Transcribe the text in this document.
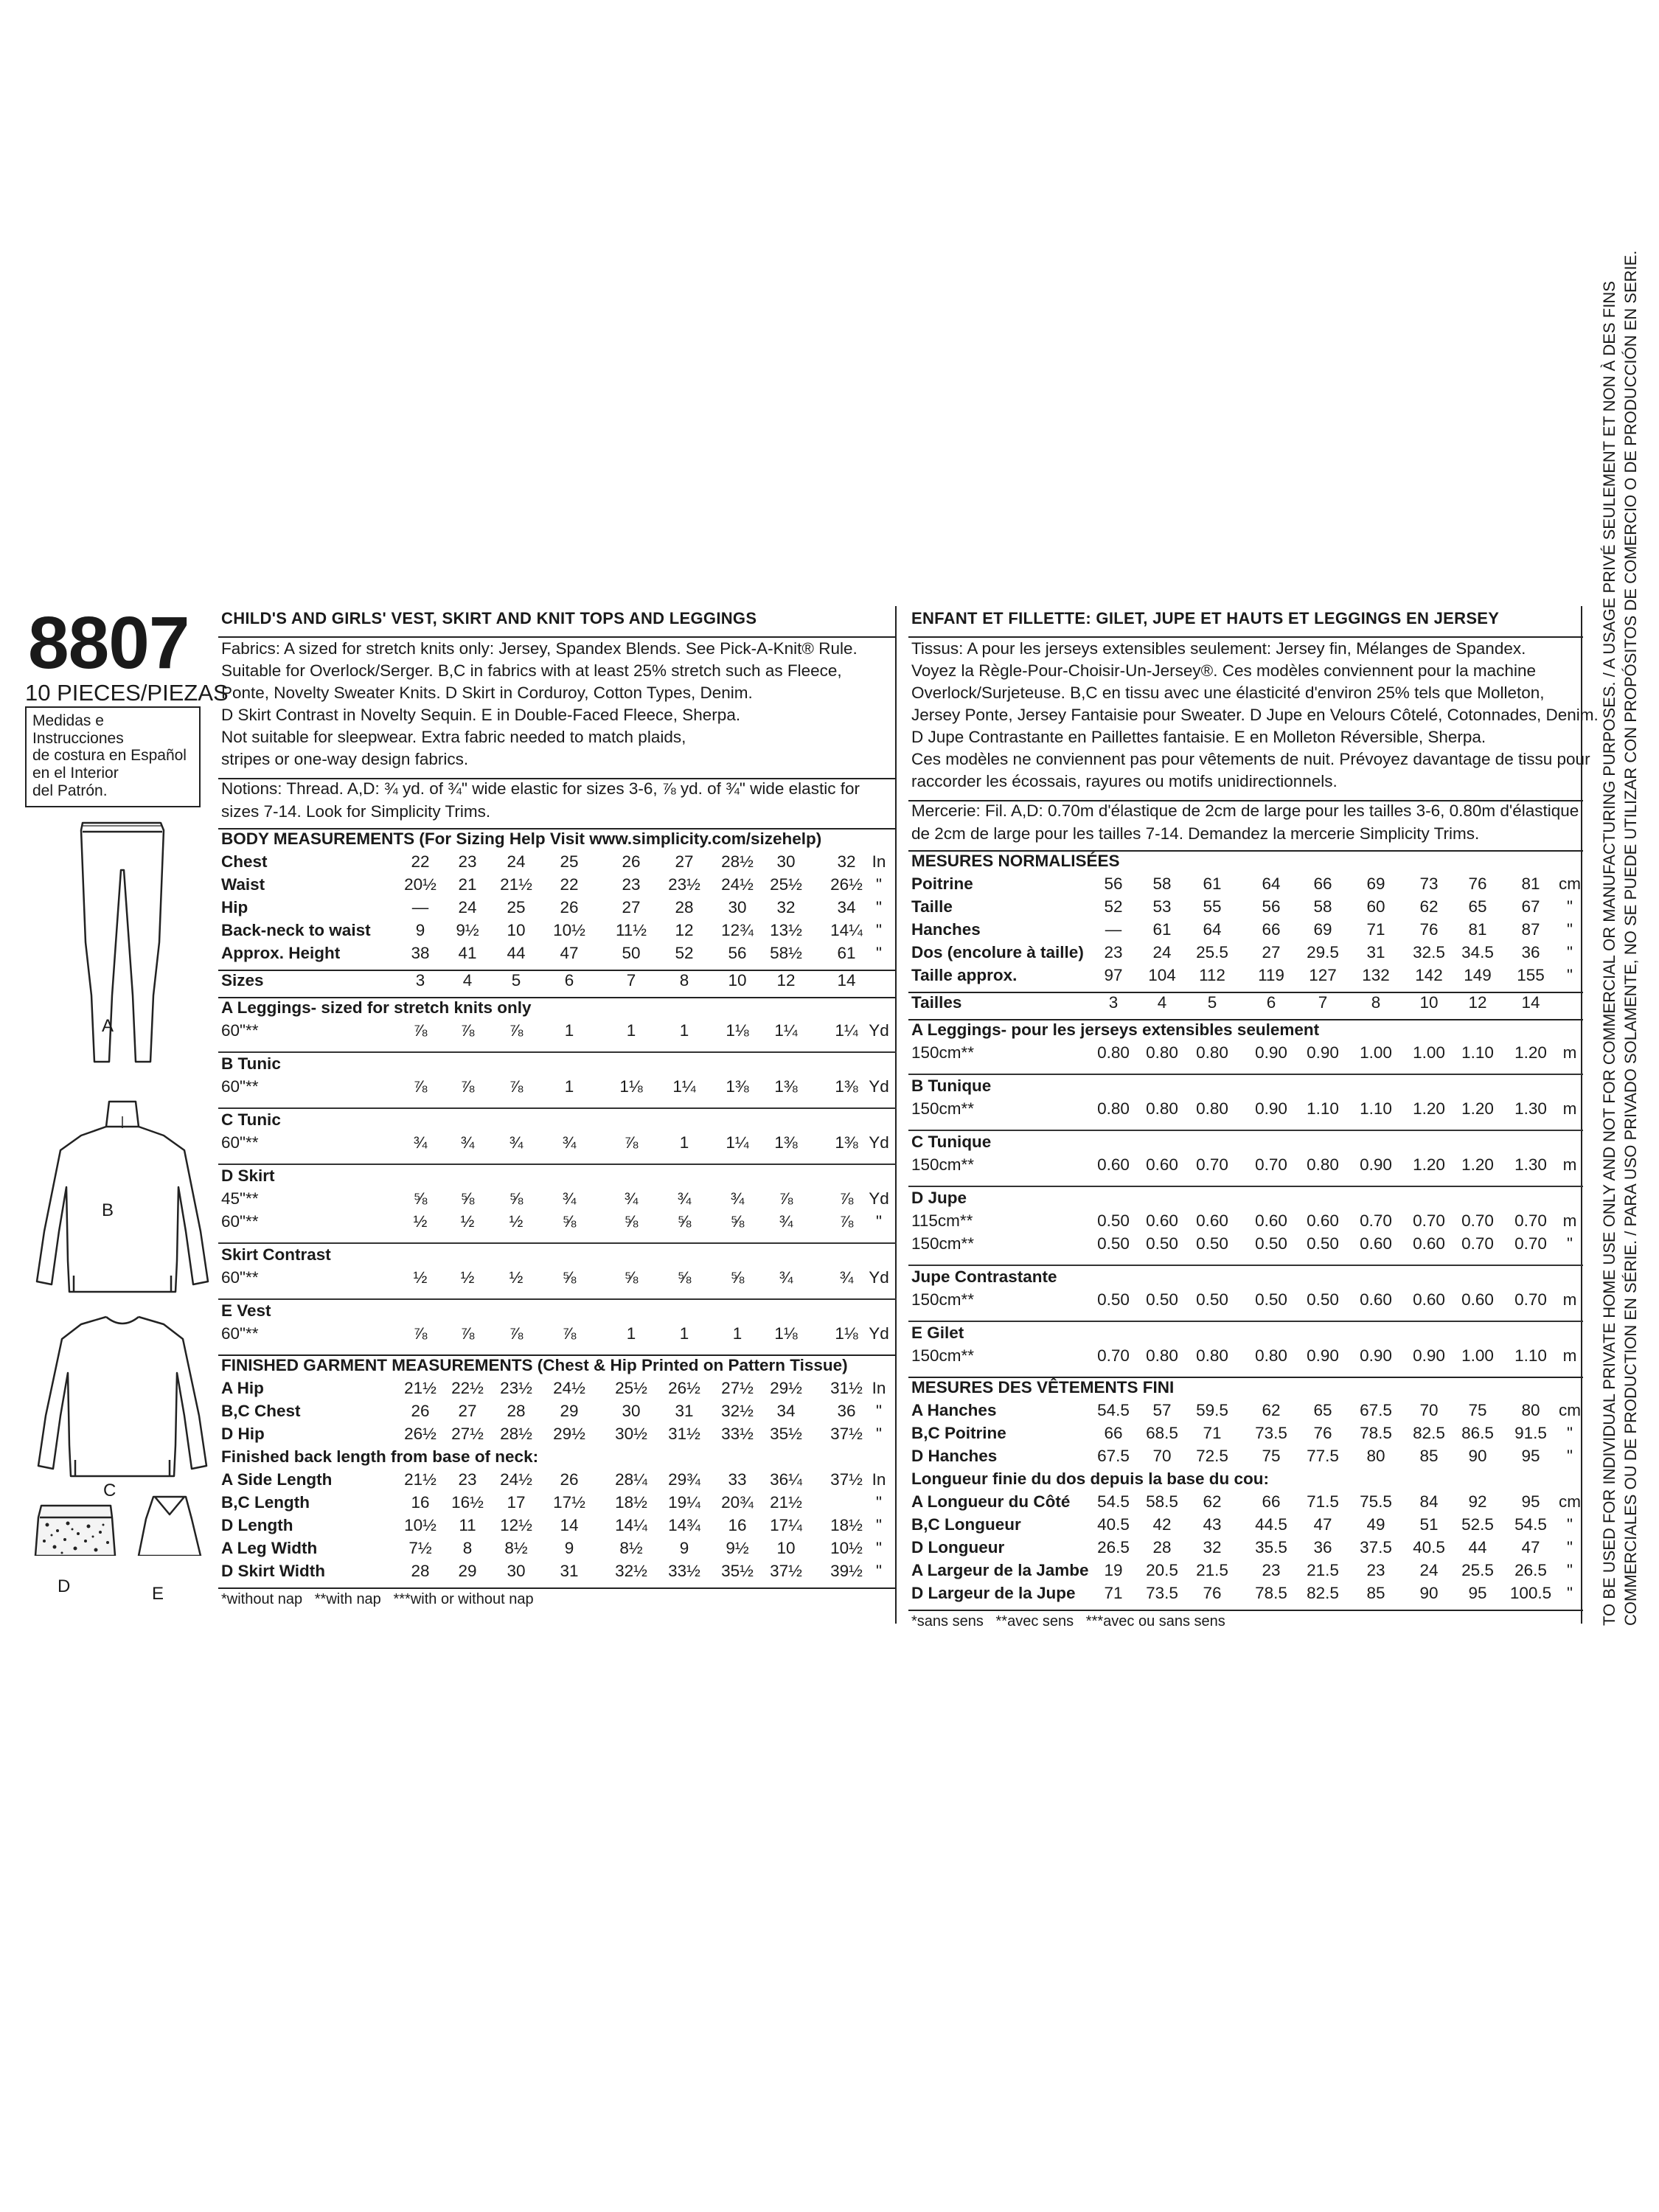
8807
10 PIECES/PIEZAS
Medidas e Instrucciones
de costura en Español
en el Interior
del Patrón.
A
B
C
D	E
CHILD'S AND GIRLS' VEST, SKIRT AND KNIT TOPS AND LEGGINGS
Fabrics: A sized for stretch knits only: Jersey, Spandex Blends. See Pick-A-Knit® Rule.
Suitable for Overlock/Serger. B,C in fabrics with at least 25% stretch such as Fleece,
Ponte, Novelty Sweater Knits. D Skirt in Corduroy, Cotton Types, Denim.
D Skirt Contrast in Novelty Sequin. E in Double-Faced Fleece, Sherpa.
Not suitable for sleepwear. Extra fabric needed to match plaids,
stripes or one-way design fabrics.
Notions: Thread. A,D: ¾ yd. of ¾" wide elastic for sizes 3-6, ⅞ yd. of ¾" wide elastic for
sizes 7-14. Look for Simplicity Trims.
BODY MEASUREMENTS (For Sizing Help Visit www.simplicity.com/sizehelp)
Chest	22 23 24 25	26 27 28½ 30	32 In
Waist	20½ 21 21½ 22	23 23½ 24½ 25½ 26½ "
Hip	— 24 25 26	27 28 30 32	34 "
Back-neck to waist	9 9½ 10 10½ 11½ 12 12¾ 13½ 14¼ "
Approx. Height	38 41 44 47	50 52 56 58½ 61 "
Sizes	3 4 5	6	7	8 10 12	14
A Leggings- sized for stretch knits only
60"**	⅞ ⅞ ⅞	1	1	1 1⅛ 1¼ 1¼ Yd
B Tunic
60"**	⅞ ⅞ ⅞	1	1⅛ 1¼ 1⅜ 1⅜ 1⅜ Yd
C Tunic
60"**	¾ ¾ ¾ ¾	⅞	1 1¼ 1⅜ 1⅜ Yd
D Skirt
45"**	⅝ ⅝ ⅝ ¾	¾ ¾ ¾ ⅞	⅞ Yd
60"**	½ ½ ½ ⅝	⅝ ⅝ ⅝ ¾	⅞ "
Skirt Contrast
60"**	½ ½ ½ ⅝	⅝ ⅝ ⅝ ¾	¾ Yd
E Vest
60"**	⅞ ⅞ ⅞ ⅞	1	1	1 1⅛ 1⅛ Yd
FINISHED GARMENT MEASUREMENTS (Chest & Hip Printed on Pattern Tissue)
A Hip	21½ 22½ 23½ 24½ 25½ 26½ 27½ 29½ 31½ In
B,C Chest	26 27 28 29	30 31 32½ 34	36 "
D Hip	26½ 27½ 28½ 29½ 30½ 31½ 33½ 35½ 37½ "
Finished back length from base of neck:
A Side Length	21½ 23 24½ 26 28¼ 29¾ 33 36¼ 37½ In
B,C Length	16 16½ 17 17½ 18½ 19¼ 20¾ 21½	"
D Length	10½ 11 12½ 14 14¼ 14¾ 16 17¼ 18½ "
A Leg Width	7½ 8 8½ 9	8½ 9 9½ 10 10½ "
D Skirt Width	28 29 30 31 32½ 33½ 35½ 37½ 39½ "
*without nap   **with nap   ***with or without nap
ENFANT ET FILLETTE: GILET, JUPE ET HAUTS ET LEGGINGS EN JERSEY
Tissus: A pour les jerseys extensibles seulement: Jersey fin, Mélanges de Spandex.
Voyez la Règle-Pour-Choisir-Un-Jersey®. Ces modèles conviennent pour la machine
Overlock/Surjeteuse. B,C en tissu avec une élasticité d'environ 25% tels que Molleton,
Jersey Ponte, Jersey Fantaisie pour Sweater. D Jupe en Velours Côtelé, Cotonnades, Denim.
D Jupe Contrastante en Paillettes fantaisie. E en Molleton Réversible, Sherpa.
Ces modèles ne conviennent pas pour vêtements de nuit. Prévoyez davantage de tissu pour
raccorder les écossais, rayures ou motifs unidirectionnels.
Mercerie: Fil. A,D: 0.70m d'élastique de 2cm de large pour les tailles 3-6, 0.80m d'élastique
de 2cm de large pour les tailles 7-14. Demandez la mercerie Simplicity Trims.
MESURES NORMALISÉES
Poitrine	56 58 61 64 66 69 73 76 81 cm
Taille	52 53 55 56 58 60 62 65 67 "
Hanches	— 61 64 66 69 71 76 81 87 "
Dos (encolure à taille) 23 24 25.5 27 29.5 31 32.5 34.5 36 "
Taille approx.	97 104 112 119 127 132 142 149 155 "
Tailles	3 4 5	6	7	8 10 12 14
A Leggings- pour les jerseys extensibles seulement
150cm**	0.80 0.80 0.80 0.90 0.90 1.00 1.00 1.10 1.20 m
B Tunique
150cm**	0.80 0.80 0.80 0.90 1.10 1.10 1.20 1.20 1.30 m
C Tunique
150cm**	0.60 0.60 0.70 0.70 0.80 0.90 1.20 1.20 1.30 m
D Jupe
115cm**	0.50 0.60 0.60 0.60 0.60 0.70 0.70 0.70 0.70 m
150cm**	0.50 0.50 0.50 0.50 0.50 0.60 0.60 0.70 0.70 "
Jupe Contrastante
150cm**	0.50 0.50 0.50 0.50 0.50 0.60 0.60 0.60 0.70 m
E Gilet
150cm**	0.70 0.80 0.80 0.80 0.90 0.90 0.90 1.00 1.10 m
MESURES DES VÊTEMENTS FINI
A Hanches	54.5 57 59.5 62 65 67.5 70 75 80 cm
B,C Poitrine	66 68.5 71 73.5 76 78.5 82.5 86.5 91.5 "
D Hanches	67.5 70 72.5 75 77.5 80 85 90 95 "
Longueur finie du dos depuis la base du cou:
A Longueur du Côté 54.5 58.5 62 66 71.5 75.5 84 92 95 cm
B,C Longueur	40.5 42 43 44.5 47 49 51 52.5 54.5 "
D Longueur	26.5 28 32 35.5 36 37.5 40.5 44 47 "
A Largeur de la Jambe 19 20.5 21.5 23 21.5 23 24 25.5 26.5 "
D Largeur de la Jupe 71 73.5 76 78.5 82.5 85 90 95 100.5 "
*sans sens   **avec sens   ***avec ou sans sens	TO BE USED FOR INDIVIDUAL PRIVATE HOME USE ONLY AND NOT FOR COMMERCIAL OR MANUFACTURING PURPOSES. / A USAGE PRIVÉ SEULEMENT ET NON À DES FINS COMMERCIALES OU DE PRODUCTION EN SÉRIE. / PARA USO PRIVADO SOLAMENTE, NO SE PUEDE UTILIZAR CON PROPÓSITOS DE COMERCIO O DE PRODUCCIÓN EN SERIE.
